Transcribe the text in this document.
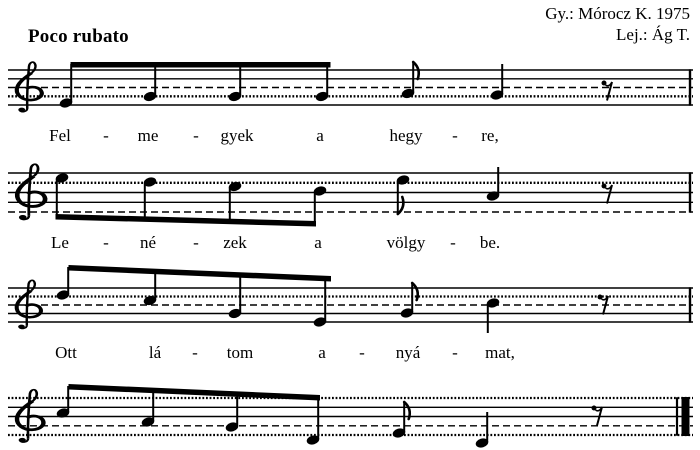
Poco rubato
Gy.: Mórocz K. 1975
Lej.: Ág T.
Fel - me - gyek	a	hegy - re,
Le - né - zek	a	völgy - be.
Ott	lá - tom	a - nyá - mat,
